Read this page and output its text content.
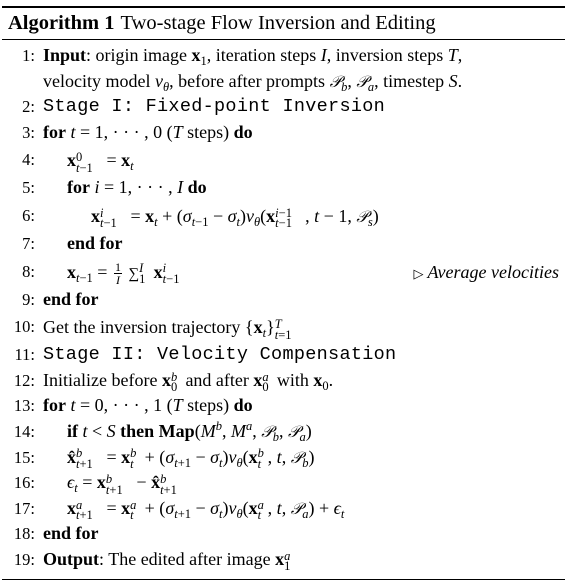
Algorithm 1 Two-stage Flow Inversion and Editing
1: Input: origin image $x_1$, iteration steps I, inversion steps T,
velocity model $v_\theta$, before after prompts 𝒫$_b$, 𝒫$_a$, timestep S.
2: Stage I: Fixed-point Inversion
3: for t = 1, · · · , 0 (T steps) do
4: x 0
$t-1 = x_t$
5: for i = 1, · · · , I do
6:	x i
$t-1 = x_t + (\sigma_{t-1} - \sigma_t)v_\theta(x$ i−1
t−1 , t − 1, 𝒫$_s$)
7: end for
8: $x_{t-1} = \frac{1}{I}$ ∑ I
1 x i
t−1	▷ Average velocities
9: end for
10: Get the inversion trajectory $\{x_t\}$ T
t=1
11: Stage II: Velocity Compensation
12: Initialize before x b
0 and after x a
0 with $x_0$.
13: for t = 0, · · · , 1 (T steps) do
14: if t < S then $Map(M^b$, $M^a$, 𝒫$_b$, 𝒫$_a$)
15: x̂ b
t+1 = x b
$t + (\sigma_{t+1} - \sigma_t)v_\theta(x$ b
t , t, 𝒫$_b$)
16: $\epsilon_t = x$ b
t+1 − x̂ b
t+1
17: x a
t+1 = x a
$t + (\sigma_{t+1} - \sigma_t)v_\theta(x$ a
t , t, 𝒫$_a$) + $\epsilon_t$
18: end for
19: Output: The edited after image x a
1
